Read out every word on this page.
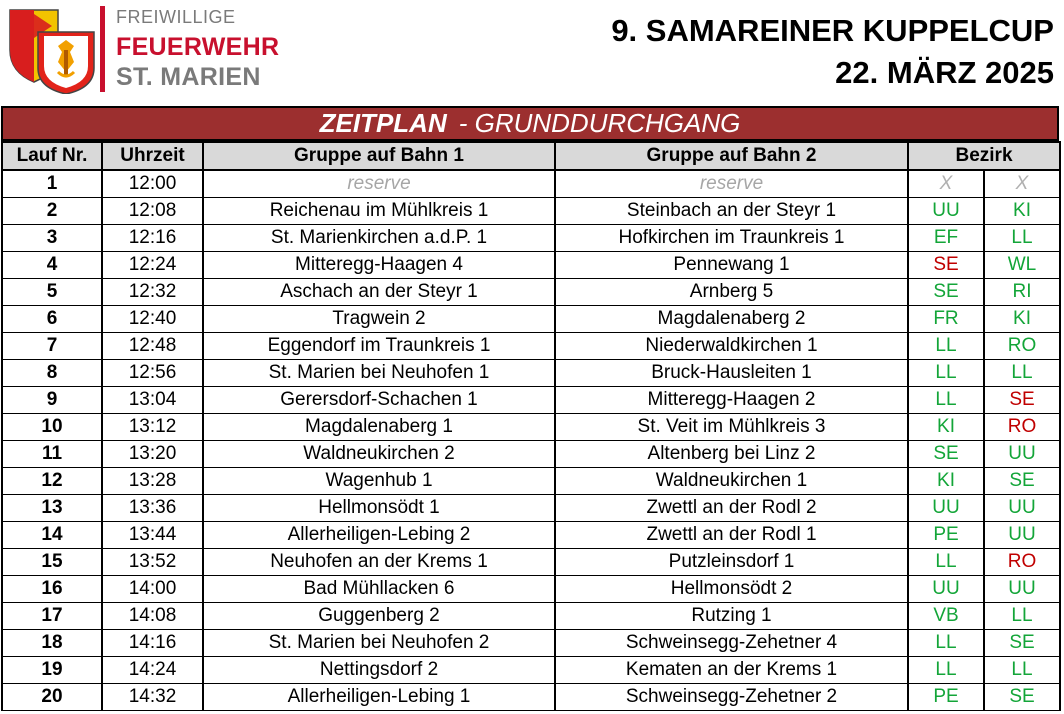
FREIWILLIGE
FEUERWEHR
ST. MARIEN
9. SAMAREINER KUPPELCUP
22. MÄRZ 2025
ZEITPLAN - GRUNDDURCHGANG
Lauf Nr.	Uhrzeit	Gruppe auf Bahn 1	Gruppe auf Bahn 2	Bezirk	
1	12:00	reserve	reserve	X	X
2	12:08	Reichenau im Mühlkreis 1	Steinbach an der Steyr 1	UU	KI
3	12:16	St. Marienkirchen a.d.P. 1	Hofkirchen im Traunkreis 1	EF	LL
4	12:24	Mitteregg-Haagen 4	Pennewang 1	SE	WL
5	12:32	Aschach an der Steyr 1	Arnberg 5	SE	RI
6	12:40	Tragwein 2	Magdalenaberg 2	FR	KI
7	12:48	Eggendorf im Traunkreis 1	Niederwaldkirchen 1	LL	RO
8	12:56	St. Marien bei Neuhofen 1	Bruck-Hausleiten 1	LL	LL
9	13:04	Gerersdorf-Schachen 1	Mitteregg-Haagen 2	LL	SE
10	13:12	Magdalenaberg 1	St. Veit im Mühlkreis 3	KI	RO
11	13:20	Waldneukirchen 2	Altenberg bei Linz 2	SE	UU
12	13:28	Wagenhub 1	Waldneukirchen 1	KI	SE
13	13:36	Hellmonsödt 1	Zwettl an der Rodl 2	UU	UU
14	13:44	Allerheiligen-Lebing 2	Zwettl an der Rodl 1	PE	UU
15	13:52	Neuhofen an der Krems 1	Putzleinsdorf 1	LL	RO
16	14:00	Bad Mühllacken 6	Hellmonsödt 2	UU	UU
17	14:08	Guggenberg 2	Rutzing 1	VB	LL
18	14:16	St. Marien bei Neuhofen 2	Schweinsegg-Zehetner 4	LL	SE
19	14:24	Nettingsdorf 2	Kematen an der Krems 1	LL	LL
20	14:32	Allerheiligen-Lebing 1	Schweinsegg-Zehetner 2	PE	SE
